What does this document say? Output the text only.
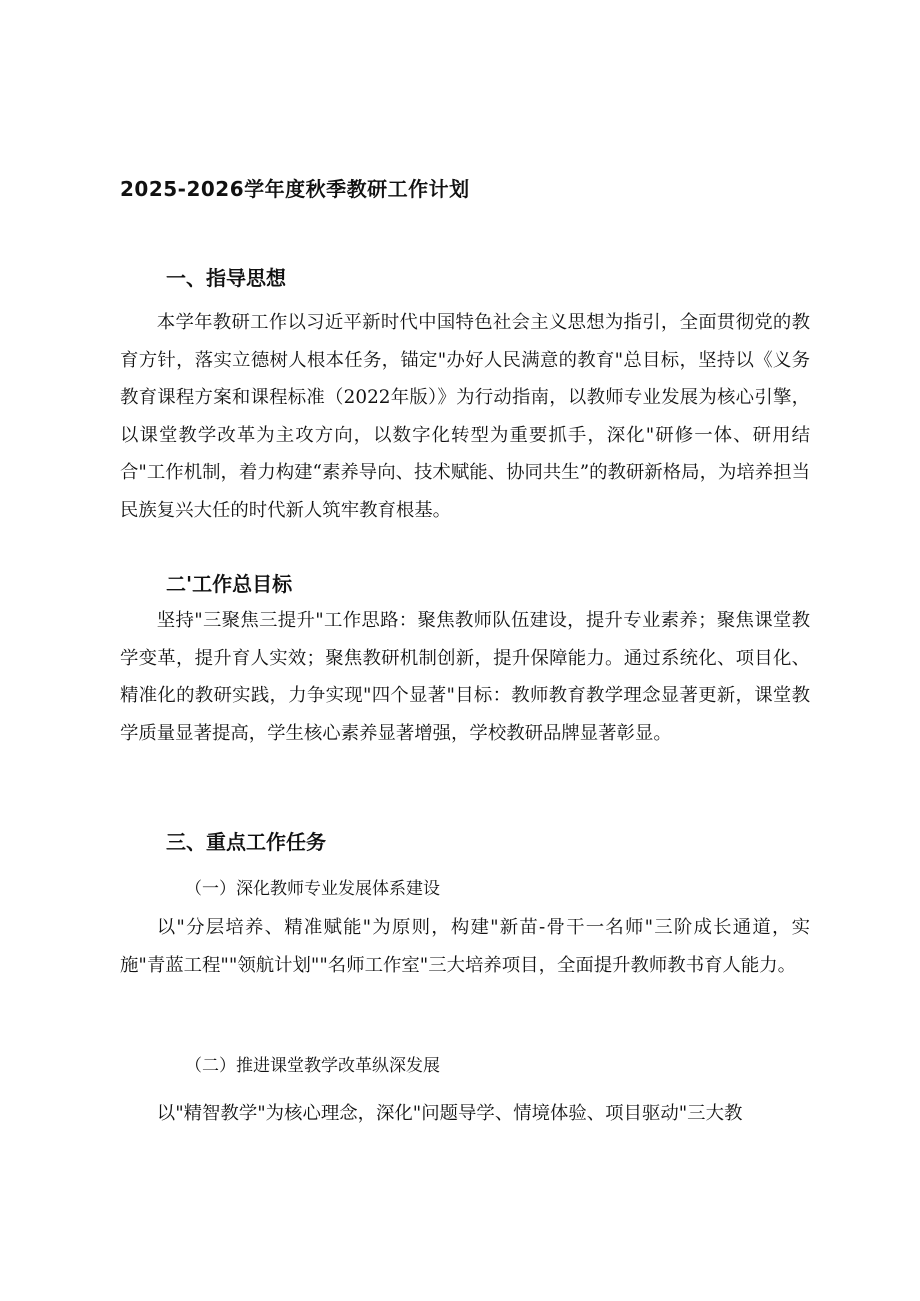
2025-2026学年度秋季教研工作计划
一、指导思想
本学年教研工作以习近平新时代中国特色社会主义思想为指引，全面贯彻党的教育方针，落实立德树人根本任务，锚定"办好人民满意的教育"总目标，坚持以《义务教育课程方案和课程标准（2022年版）》为行动指南，以教师专业发展为核心引擎，以课堂教学改革为主攻方向，以数字化转型为重要抓手，深化"研修一体、研用结合"工作机制，着力构建“素养导向、技术赋能、协同共生”的教研新格局，为培养担当民族复兴大任的时代新人筑牢教育根基。
二'工作总目标
坚持"三聚焦三提升"工作思路：聚焦教师队伍建设，提升专业素养；聚焦课堂教学变革，提升育人实效；聚焦教研机制创新，提升保障能力。通过系统化、项目化、精准化的教研实践，力争实现"四个显著"目标：教师教育教学理念显著更新，课堂教学质量显著提高，学生核心素养显著增强，学校教研品牌显著彰显。
三、重点工作任务
（一）深化教师专业发展体系建设
以"分层培养、精准赋能"为原则，构建"新苗-骨干一名师"三阶成长通道，实施"青蓝工程""领航计划""名师工作室"三大培养项目，全面提升教师教书育人能力。
（二）推进课堂教学改革纵深发展
以"精智教学"为核心理念，深化"问题导学、情境体验、项目驱动"三大教
